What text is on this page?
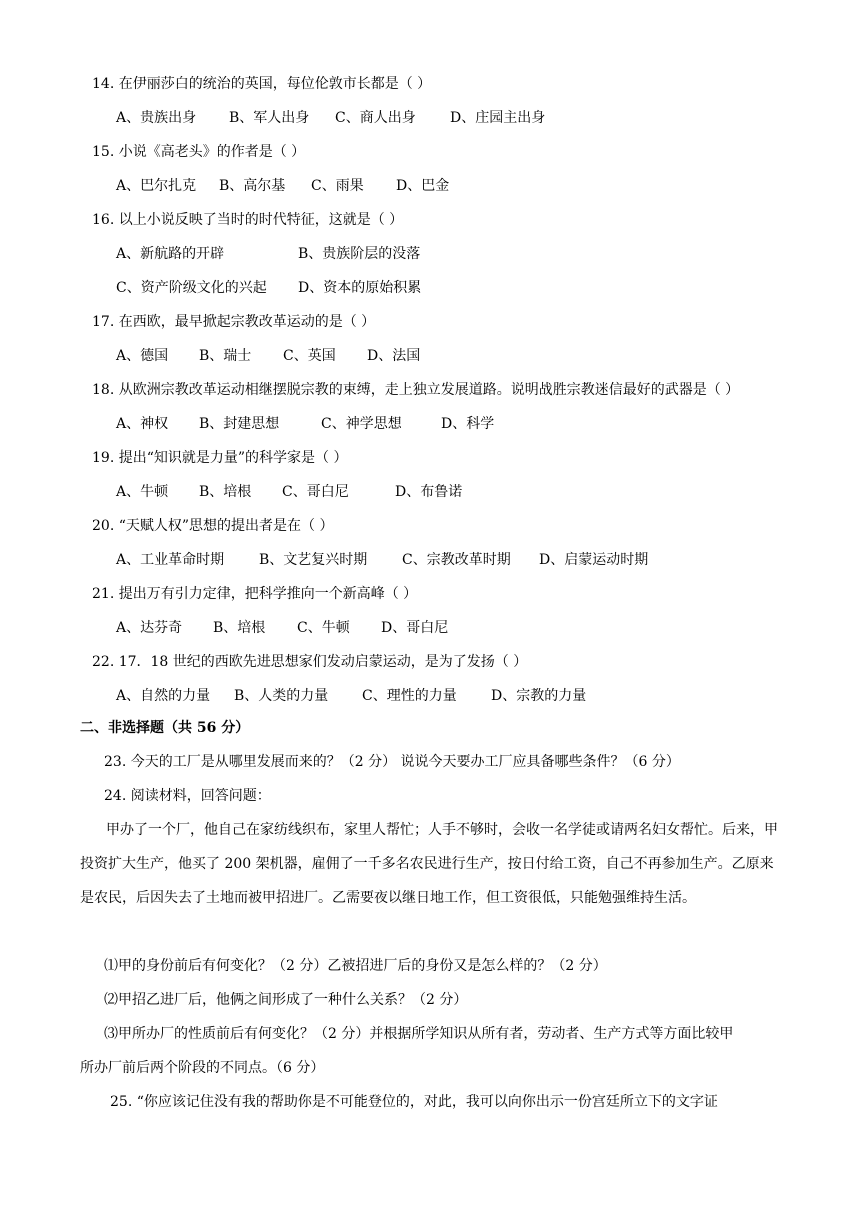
14. 在伊丽莎白的统治的英国，每位伦敦市长都是（ ）
A、贵族出身 B、军人出身 C、商人出身 D、庄园主出身
15. 小说《高老头》的作者是（ ）
A、巴尔扎克 B、高尔基 C、雨果 D、巴金
16. 以上小说反映了当时的时代特征，这就是（ ）
A、新航路的开辟	B、贵族阶层的没落
C、资产阶级文化的兴起 D、资本的原始积累
17. 在西欧，最早掀起宗教改革运动的是（ ）
A、德国 B、瑞士 C、英国 D、法国
18. 从欧洲宗教改革运动相继摆脱宗教的束缚，走上独立发展道路。说明战胜宗教迷信最好的武器是（ ）
A、神权 B、封建思想	C、神学思想	D、科学
19. 提出“知识就是力量”的科学家是（ ）
A、牛顿 B、培根 C、哥白尼	D、布鲁诺
20. “天赋人权”思想的提出者是在（ ）
A、工业革命时期 B、文艺复兴时期 C、宗教改革时期 D、启蒙运动时期
21. 提出万有引力定律，把科学推向一个新高峰（ ）
A、达芬奇 B、培根 C、牛顿 D、哥白尼
22. 17．18 世纪的西欧先进思想家们发动启蒙运动，是为了发扬（ ）
A、自然的力量 B、人类的力量 C、理性的力量 D、宗教的力量
二、非选择题（共 56 分）
23. 今天的工厂是从哪里发展而来的？（2 分） 说说今天要办工厂应具备哪些条件？（6 分）
24. 阅读材料，回答问题：
甲办了一个厂，他自己在家纺线织布，家里人帮忙；人手不够时，会收一名学徒或请两名妇女帮忙。后来，甲投资扩大生产，他买了 200 架机器，雇佣了一千多名农民进行生产，按日付给工资，自己不再参加生产。乙原来是农民，后因失去了土地而被甲招进厂。乙需要夜以继日地工作，但工资很低，只能勉强维持生活。
⑴甲的身份前后有何变化？（2 分）乙被招进厂后的身份又是怎么样的？（2 分）
⑵甲招乙进厂后，他俩之间形成了一种什么关系？（2 分）
⑶甲所办厂的性质前后有何变化？（2 分）并根据所学知识从所有者，劳动者、生产方式等方面比较甲
所办厂前后两个阶段的不同点。（6 分）
25. “你应该记住没有我的帮助你是不可能登位的，对此，我可以向你出示一份宫廷所立下的文字证
